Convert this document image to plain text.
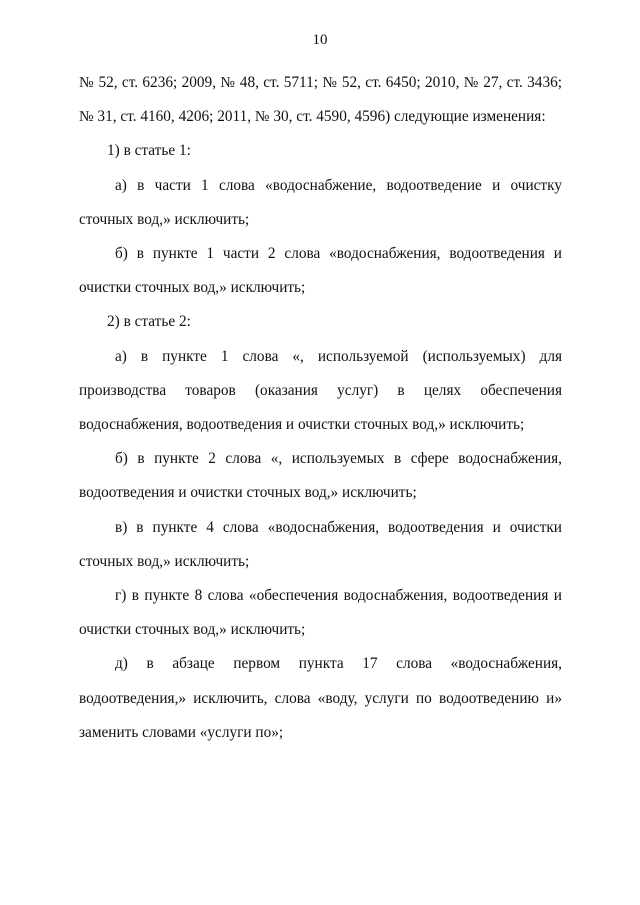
10

№ 52, ст. 6236; 2009, № 48, ст. 5711; № 52, ст. 6450; 2010, № 27, ст. 3436; № 31, ст. 4160, 4206; 2011, № 30, ст. 4590, 4596) следующие изменения:

1) в статье 1:

а) в части 1 слова «водоснабжение, водоотведение и очистку сточных вод,» исключить;

б) в пункте 1 части 2 слова «водоснабжения, водоотведения и очистки сточных вод,» исключить;

2) в статье 2:

а) в пункте 1 слова «, используемой (используемых) для производства товаров (оказания услуг) в целях обеспечения водоснабжения, водоотведения и очистки сточных вод,» исключить;

б) в пункте 2 слова «, используемых в сфере водоснабжения, водоотведения и очистки сточных вод,» исключить;

в) в пункте 4 слова «водоснабжения, водоотведения и очистки сточных вод,» исключить;

г) в пункте 8 слова «обеспечения водоснабжения, водоотведения и очистки сточных вод,» исключить;

д) в абзаце первом пункта 17 слова «водоснабжения, водоотведения,» исключить, слова «воду, услуги по водоотведению и» заменить словами «услуги по»;
